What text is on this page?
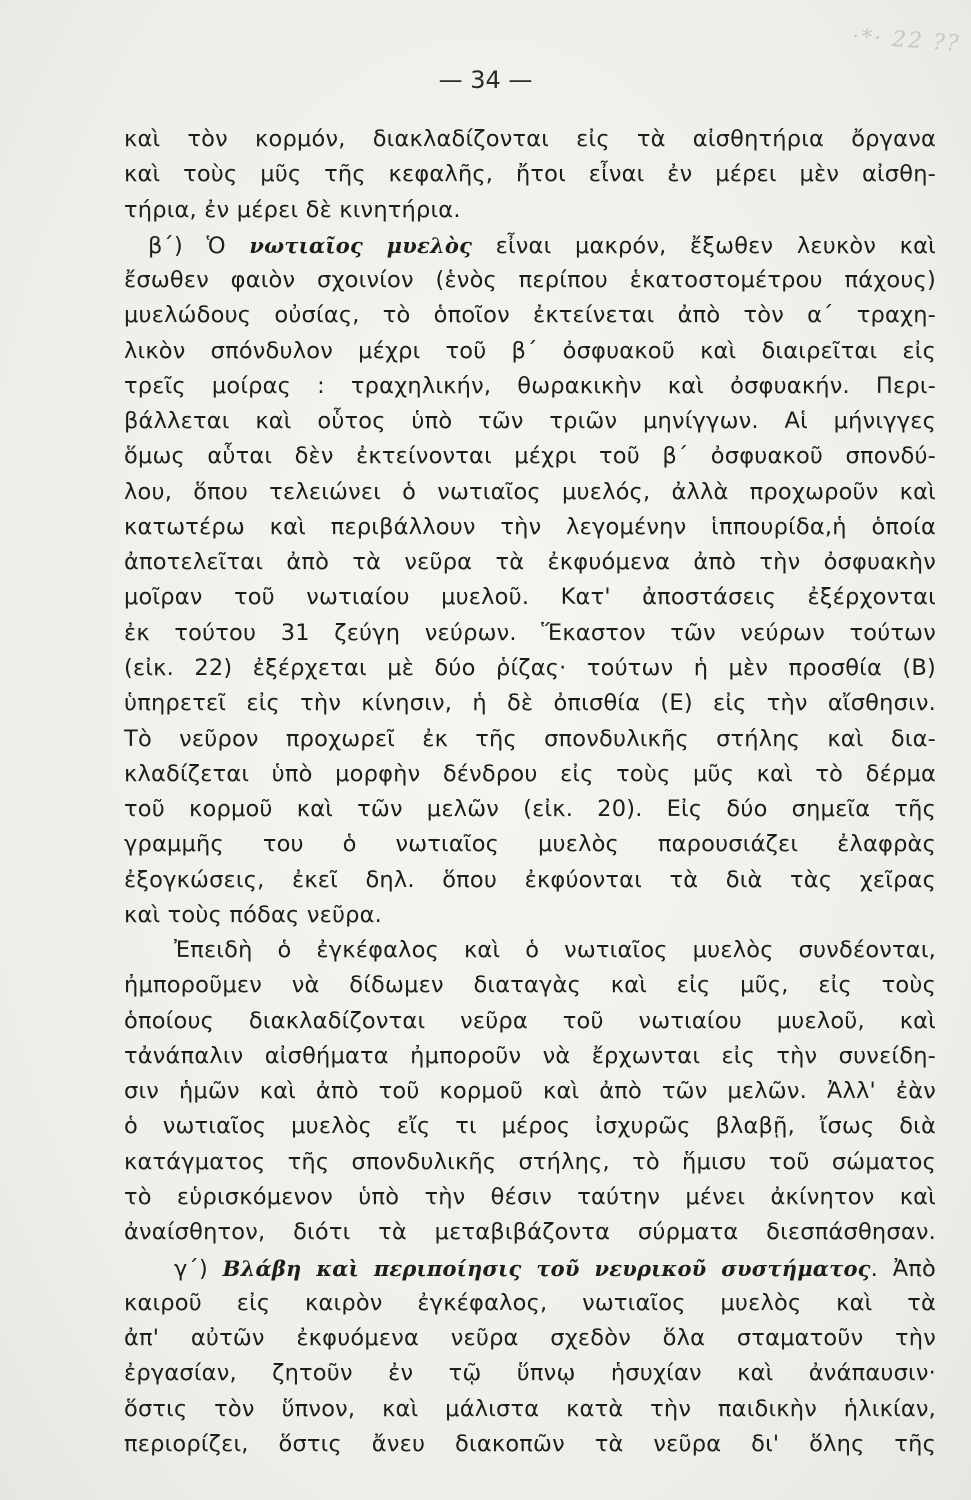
·*· 22 ??
— 34 —
καὶ τὸν κορμόν, διακλαδίζονται εἰς τὰ αἰσθητήρια ὄργανα
καὶ τοὺς μῦς τῆς κεφαλῆς, ἤτοι εἶναι ἐν μέρει μὲν αἰσθη-
τήρια, ἐν μέρει δὲ κινητήρια.
β΄) Ὁ νωτιαῖος μυελὸς εἶναι μακρόν, ἔξωθεν λευκὸν καὶ
ἔσωθεν φαιὸν σχοινίον (ἑνὸς περίπου ἑκατοστομέτρου πάχους)
μυελώδους οὐσίας, τὸ ὁποῖον ἐκτείνεται ἀπὸ τὸν α΄ τραχη-
λικὸν σπόνδυλον μέχρι τοῦ β΄ ὀσφυακοῦ καὶ διαιρεῖται εἰς
τρεῖς μοίρας : τραχηλικήν, θωρακικὴν καὶ ὀσφυακήν. Περι-
βάλλεται καὶ οὗτος ὑπὸ τῶν τριῶν μηνίγγων. Αἱ μήνιγγες
ὅμως αὗται δὲν ἐκτείνονται μέχρι τοῦ β΄ ὀσφυακοῦ σπονδύ-
λου, ὅπου τελειώνει ὁ νωτιαῖος μυελός, ἀλλὰ προχωροῦν καὶ
κατωτέρω καὶ περιβάλλουν τὴν λεγομένην ἱππουρίδα,ἡ ὁποία
ἀποτελεῖται ἀπὸ τὰ νεῦρα τὰ ἐκφυόμενα ἀπὸ τὴν ὀσφυακὴν
μοῖραν τοῦ νωτιαίου μυελοῦ. Κατ' ἀποστάσεις ἐξέρχονται
ἐκ τούτου 31 ζεύγη νεύρων. Ἕκαστον τῶν νεύρων τούτων
(εἰκ. 22) ἐξέρχεται μὲ δύο ῥίζας· τούτων ἡ μὲν προσθία (Β)
ὑπηρετεῖ εἰς τὴν κίνησιν, ἡ δὲ ὀπισθία (Ε) εἰς τὴν αἴσθησιν.
Τὸ νεῦρον προχωρεῖ ἐκ τῆς σπονδυλικῆς στήλης καὶ δια-
κλαδίζεται ὑπὸ μορφὴν δένδρου εἰς τοὺς μῦς καὶ τὸ δέρμα
τοῦ κορμοῦ καὶ τῶν μελῶν (εἰκ. 20). Εἰς δύο σημεῖα τῆς
γραμμῆς του ὁ νωτιαῖος μυελὸς παρουσιάζει ἐλαφρὰς
ἐξογκώσεις, ἐκεῖ δηλ. ὅπου ἐκφύονται τὰ διὰ τὰς χεῖρας
καὶ τοὺς πόδας νεῦρα.
Ἐπειδὴ ὁ ἐγκέφαλος καὶ ὁ νωτιαῖος μυελὸς συνδέονται,
ἠμποροῦμεν νὰ δίδωμεν διαταγὰς καὶ εἰς μῦς, εἰς τοὺς
ὁποίους διακλαδίζονται νεῦρα τοῦ νωτιαίου μυελοῦ, καὶ
τἀνάπαλιν αἰσθήματα ἠμποροῦν νὰ ἔρχωνται εἰς τὴν συνείδη-
σιν ἡμῶν καὶ ἀπὸ τοῦ κορμοῦ καὶ ἀπὸ τῶν μελῶν. Ἀλλ' ἐὰν
ὁ νωτιαῖος μυελὸς εἴς τι μέρος ἰσχυρῶς βλαβῇ, ἴσως διὰ
κατάγματος τῆς σπονδυλικῆς στήλης, τὸ ἥμισυ τοῦ σώματος
τὸ εὑρισκόμενον ὑπὸ τὴν θέσιν ταύτην μένει ἀκίνητον καὶ
ἀναίσθητον, διότι τὰ μεταβιβάζοντα σύρματα διεσπάσθησαν.
γ΄) Βλάβη καὶ περιποίησις τοῦ νευρικοῦ συστήματος. Ἀπὸ
καιροῦ εἰς καιρὸν ἐγκέφαλος, νωτιαῖος μυελὸς καὶ τὰ
ἀπ' αὐτῶν ἐκφυόμενα νεῦρα σχεδὸν ὅλα σταματοῦν τὴν
ἐργασίαν, ζητοῦν ἐν τῷ ὕπνῳ ἡσυχίαν καὶ ἀνάπαυσιν·
ὅστις τὸν ὕπνον, καὶ μάλιστα κατὰ τὴν παιδικὴν ἡλικίαν,
περιορίζει, ὅστις ἄνευ διακοπῶν τὰ νεῦρα δι' ὅλης τῆς
